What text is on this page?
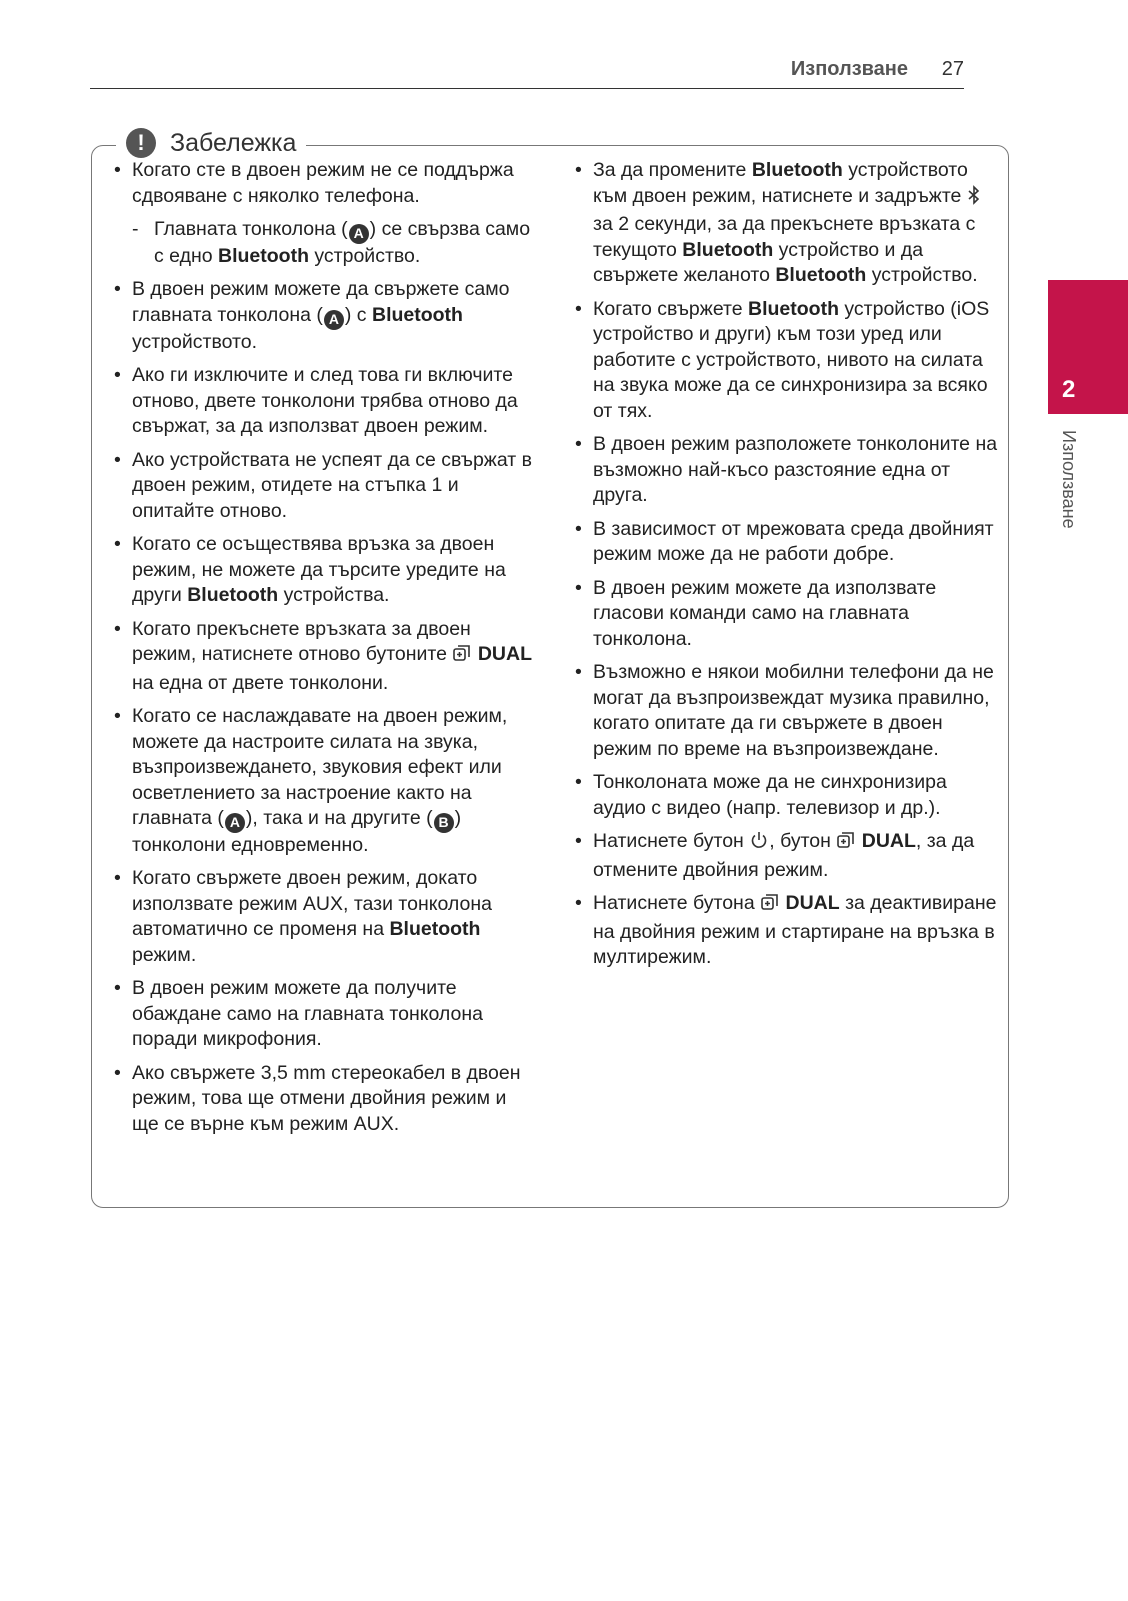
Използване 27
2
Използване
!	Забележка
• Когато сте в двоен режим не се поддържа сдвояване с няколко телефона.
- Главната тонколона ( A ) се свързва само с едно Bluetooth устройство.
• В двоен режим можете да свържете само главната тонколона ( A ) с Bluetooth устройството.
• Ако ги изключите и след това ги включите отново, двете тонколони трябва отново да свържат, за да използват двоен режим.
• Ако устройствата не успеят да се свържат в двоен режим, отидете на стъпка 1 и опитайте отново.
• Когато се осъществява връзка за двоен режим, не можете да търсите уредите на други Bluetooth устройства.
• Когато прекъснете връзката за двоен режим, натиснете отново бутоните  DUAL на една от двете тонколони.
• Когато се наслаждавате на двоен режим, можете да настроите силата на звука, възпроизвеждането, звуковия ефект или осветлението за настроение както на главната ( A ), така и на другите ( B ) тонколони едновременно.
• Когато свържете двоен режим, докато използвате режим AUX, тази тонколона автоматично се променя на Bluetooth режим.
• В двоен режим можете да получите обаждане само на главната тонколона поради микрофония.
• Ако свържете 3,5 mm стереокабел в двоен режим, това ще отмени двойния режим и ще се върне към режим AUX.
• За да промените Bluetooth устройството към двоен режим, натиснете и задръжте  за 2 секунди, за да прекъснете връзката с текущото Bluetooth устройство и да свържете желаното Bluetooth устройство.
• Когато свържете Bluetooth устройство (iOS устройство и други) към този уред или работите с устройството, нивото на силата на звука може да се синхронизира за всяко от тях.
• В двоен режим разположете тонколоните на възможно най-късо разстояние една от друга.
• В зависимост от мрежовата среда двойният режим може да не работи добре.
• В двоен режим можете да използвате гласови команди само на главната тонколона.
• Възможно е някои мобилни телефони да не могат да възпроизвеждат музика правилно, когато опитате да ги свържете в двоен режим по време на възпроизвеждане.
• Тонколоната може да не синхронизира аудио с видео (напр. телевизор и др.).
• Натиснете бутон , бутон  DUAL, за да отмените двойния режим.
• Натиснете бутона  DUAL за деактивиране на двойния режим и стартиране на връзка в мултирежим.
